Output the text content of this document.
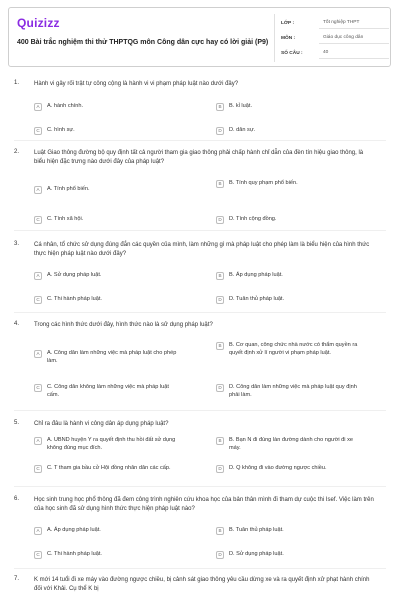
Quizizz
400 Bài trắc nghiệm thi thử THPTQG môn Công dân cực hay có lời giải (P9)
LỚP :	Tốt nghiệp THPT
MÔN :	Giáo dục công dân
SỐ CÂU :	40
1. Hành vi gây rối trật tự công cộng là hành vi vi phạm pháp luật nào dưới đây?
A	A. hành chính.	B	B. kỉ luật.
C	C. hình sự.	D	D. dân sự.
2. Luật Giao thông đường bộ quy định tất cả người tham gia giao thông phải chấp hành chỉ dẫn của đèn tín hiệu giao thông, là biểu hiện đặc trưng nào dưới đây của pháp luật?
A	A. Tính phổ biến.
B	B. Tính quy phạm phổ biến.
C	C. Tính xã hội.	D	D. Tính cộng đồng.
3. Cá nhân, tổ chức sử dụng đúng đắn các quyền của mình, làm những gì mà pháp luật cho phép làm là biểu hiện của hình thức thực hiện pháp luật nào dưới đây?
A	A. Sử dụng pháp luật.	B	B. Áp dụng pháp luật.
C	C. Thi hành pháp luật.	D	D. Tuân thủ pháp luật.
4. Trong các hình thức dưới đây, hình thức nào là sử dụng pháp luật?
A	A. Công dân làm những việc mà pháp luật cho phép làm.
B	B. Cơ quan, công chức nhà nước có thẩm quyền ra quyết định xử lí người vi phạm pháp luật.
C	C. Công dân không làm những việc mà pháp luật cấm.
D	D. Công dân làm những việc mà pháp luật quy định phải làm.
5. Chỉ ra đâu là hành vi công dân áp dụng pháp luật?
A	A. UBND huyện Y ra quyết định thu hồi đất sử dụng không đúng mục đích.
B	B. Bạn N đi đúng làn đường dành cho người đi xe máy.
C	C. T tham gia bầu cử Hội đồng nhân dân các cấp.	D	D. Q không đi vào đường ngược chiều.
6. Học sinh trung học phổ thông đã đem công trình nghiên cứu khoa học của bản thân mình đi tham dự cuộc thi Isef. Việc làm trên của học sinh đã sử dụng hình thức thực hiện pháp luật nào?
A	A. Áp dụng pháp luật.	B	B. Tuân thủ pháp luật.
C	C. Thi hành pháp luật.	D	D. Sử dụng pháp luật.
7. K mới 14 tuổi đi xe máy vào đường ngược chiều, bị cảnh sát giao thông yêu cầu dừng xe và ra quyết định xử phạt hành chính đối với Khải. Cụ thể K bị
